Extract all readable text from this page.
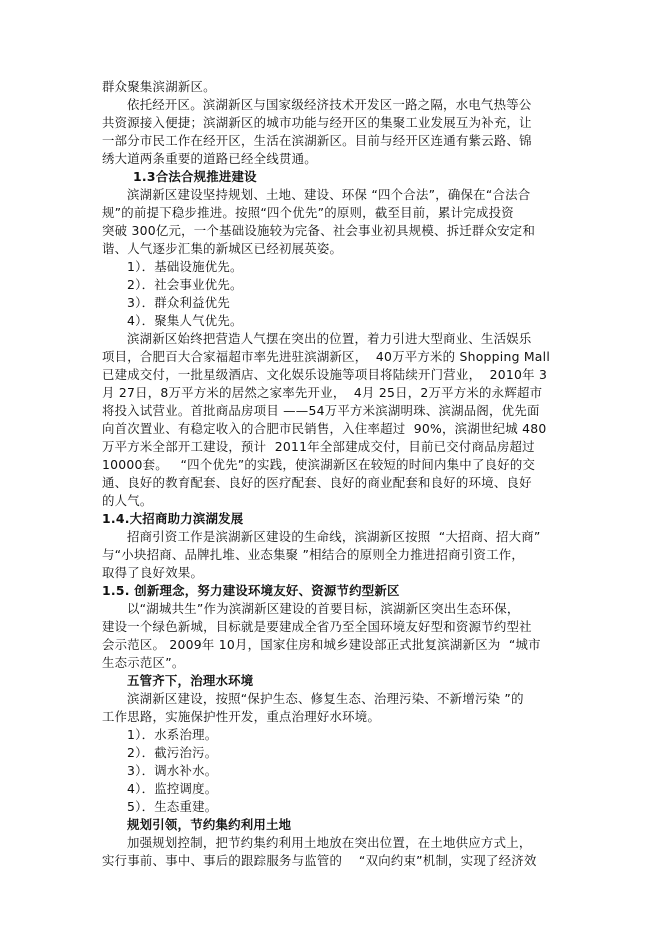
群众聚集滨湖新区。
依托经开区。滨湖新区与国家级经济技术开发区一路之隔，水电气热等公
共资源接入便捷；滨湖新区的城市功能与经开区的集聚工业发展互为补充，让
一部分市民工作在经开区，生活在滨湖新区。目前与经开区连通有紫云路、锦
绣大道两条重要的道路已经全线贯通。
1.3合法合规推进建设
滨湖新区建设坚持规划、土地、建设、环保 “四个合法”，确保在“合法合
规”的前提下稳步推进。按照“四个优先”的原则，截至目前，累计完成投资
突破 300亿元，一个基础设施较为完备、社会事业初具规模、拆迁群众安定和
谐、人气逐步汇集的新城区已经初展英姿。
1）．基础设施优先。
2）．社会事业优先。
3）．群众利益优先
4）．聚集人气优先。
滨湖新区始终把营造人气摆在突出的位置，着力引进大型商业、生活娱乐
项目，合肥百大合家福超市率先进驻滨湖新区，  40万平方米的 Shopping Mall
已建成交付，一批星级酒店、文化娱乐设施等项目将陆续开门营业，  2010年 3
月 27日，8万平方米的居然之家率先开业，  4月 25日，2万平方米的永辉超市
将投入试营业。首批商品房项目 ——54万平方米滨湖明珠、滨湖品阁，优先面
向首次置业、有稳定收入的合肥市民销售，入住率超过  90%，滨湖世纪城 480
万平方米全部开工建设，预计  2011年全部建成交付，目前已交付商品房超过
10000套。   “四个优先”的实践，使滨湖新区在较短的时间内集中了良好的交
通、良好的教育配套、良好的医疗配套、良好的商业配套和良好的环境、良好
的人气。
1.4.大招商助力滨湖发展
招商引资工作是滨湖新区建设的生命线，滨湖新区按照  “大招商、招大商”
与“小块招商、品牌扎堆、业态集聚 ”相结合的原则全力推进招商引资工作，
取得了良好效果。
1.5. 创新理念，努力建设环境友好、资源节约型新区
以“湖城共生”作为滨湖新区建设的首要目标，滨湖新区突出生态环保，
建设一个绿色新城，目标就是要建成全省乃至全国环境友好型和资源节约型社
会示范区。 2009年 10月，国家住房和城乡建设部正式批复滨湖新区为  “城市
生态示范区”。
五管齐下，治理水环境
滨湖新区建设，按照“保护生态、修复生态、治理污染、不新增污染 ”的
工作思路，实施保护性开发，重点治理好水环境。
1）．水系治理。
2）．截污治污。
3）．调水补水。
4）．监控调度。
5）．生态重建。
规划引领，节约集约利用土地
加强规划控制，把节约集约利用土地放在突出位置，在土地供应方式上，
实行事前、事中、事后的跟踪服务与监管的    “双向约束”机制，实现了经济效
